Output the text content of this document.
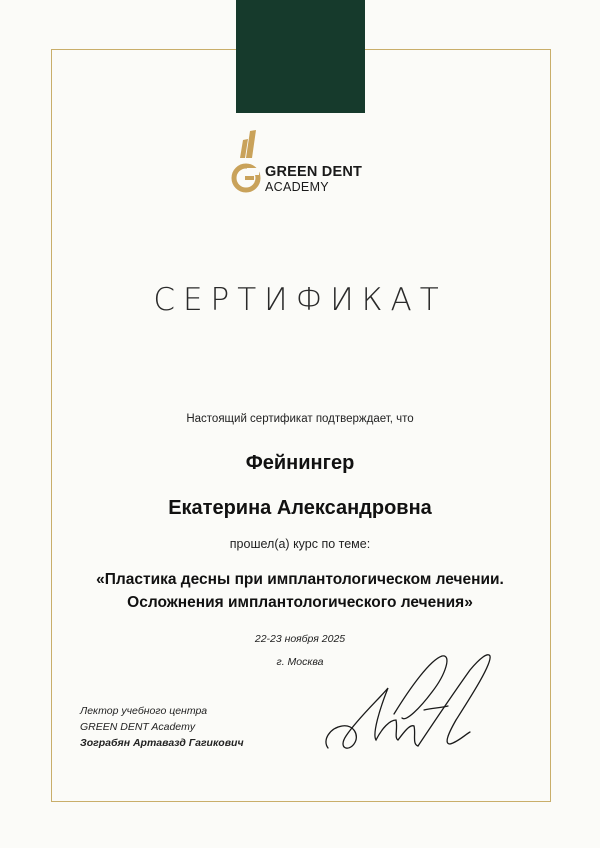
GREEN DENT
ACADEMY
СЕРТИФИКАТ
Настоящий сертификат подтверждает, что
Фейнингер
Екатерина Александровна
прошел(а) курс по теме:
«Пластика десны при имплантологическом лечении.
Осложнения имплантологического лечения»
22-23 ноября 2025
г. Москва
Лектор учебного центра
GREEN DENT Academy
Зограбян Артавазд Гагикович
